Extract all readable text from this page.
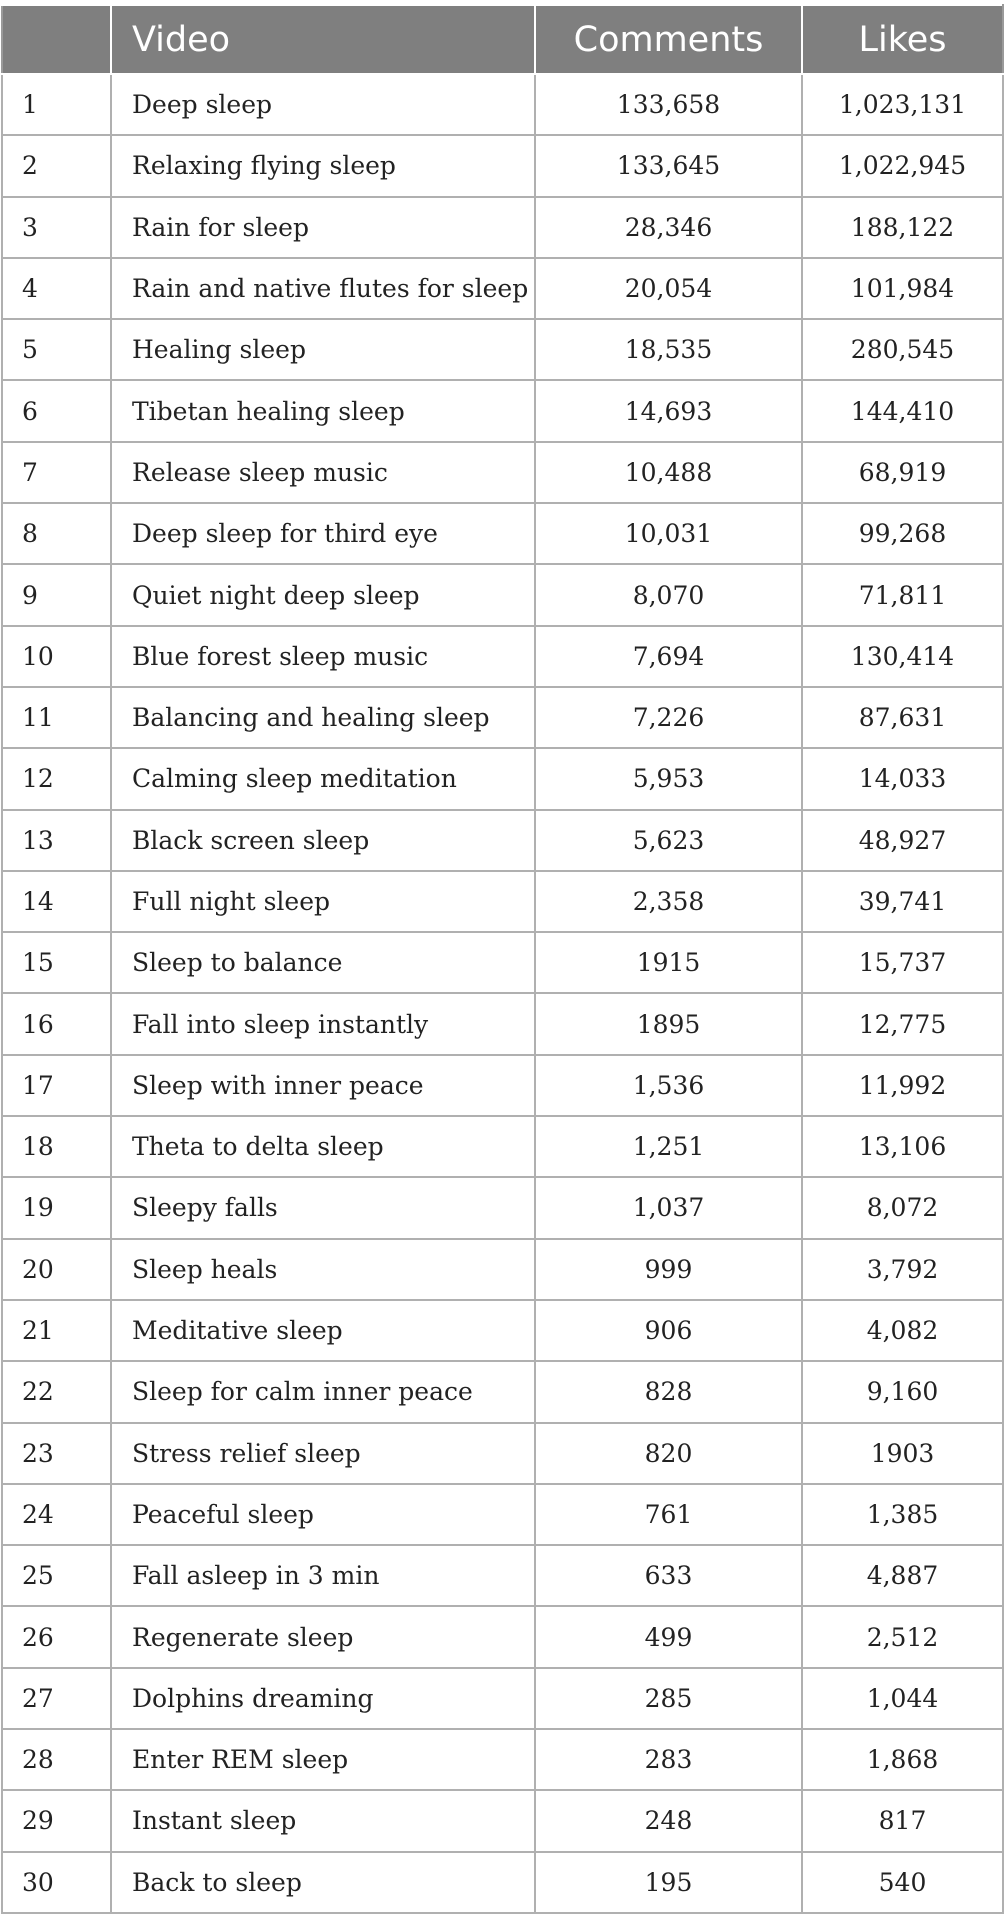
	Video	Comments	Likes
1	Deep sleep	133,658	1,023,131
2	Relaxing flying sleep	133,645	1,022,945
3	Rain for sleep	28,346	188,122
4	Rain and native flutes for sleep	20,054	101,984
5	Healing sleep	18,535	280,545
6	Tibetan healing sleep	14,693	144,410
7	Release sleep music	10,488	68,919
8	Deep sleep for third eye	10,031	99,268
9	Quiet night deep sleep	8,070	71,811
10	Blue forest sleep music	7,694	130,414
11	Balancing and healing sleep	7,226	87,631
12	Calming sleep meditation	5,953	14,033
13	Black screen sleep	5,623	48,927
14	Full night sleep	2,358	39,741
15	Sleep to balance	1915	15,737
16	Fall into sleep instantly	1895	12,775
17	Sleep with inner peace	1,536	11,992
18	Theta to delta sleep	1,251	13,106
19	Sleepy falls	1,037	8,072
20	Sleep heals	999	3,792
21	Meditative sleep	906	4,082
22	Sleep for calm inner peace	828	9,160
23	Stress relief sleep	820	1903
24	Peaceful sleep	761	1,385
25	Fall asleep in 3 min	633	4,887
26	Regenerate sleep	499	2,512
27	Dolphins dreaming	285	1,044
28	Enter REM sleep	283	1,868
29	Instant sleep	248	817
30	Back to sleep	195	540
